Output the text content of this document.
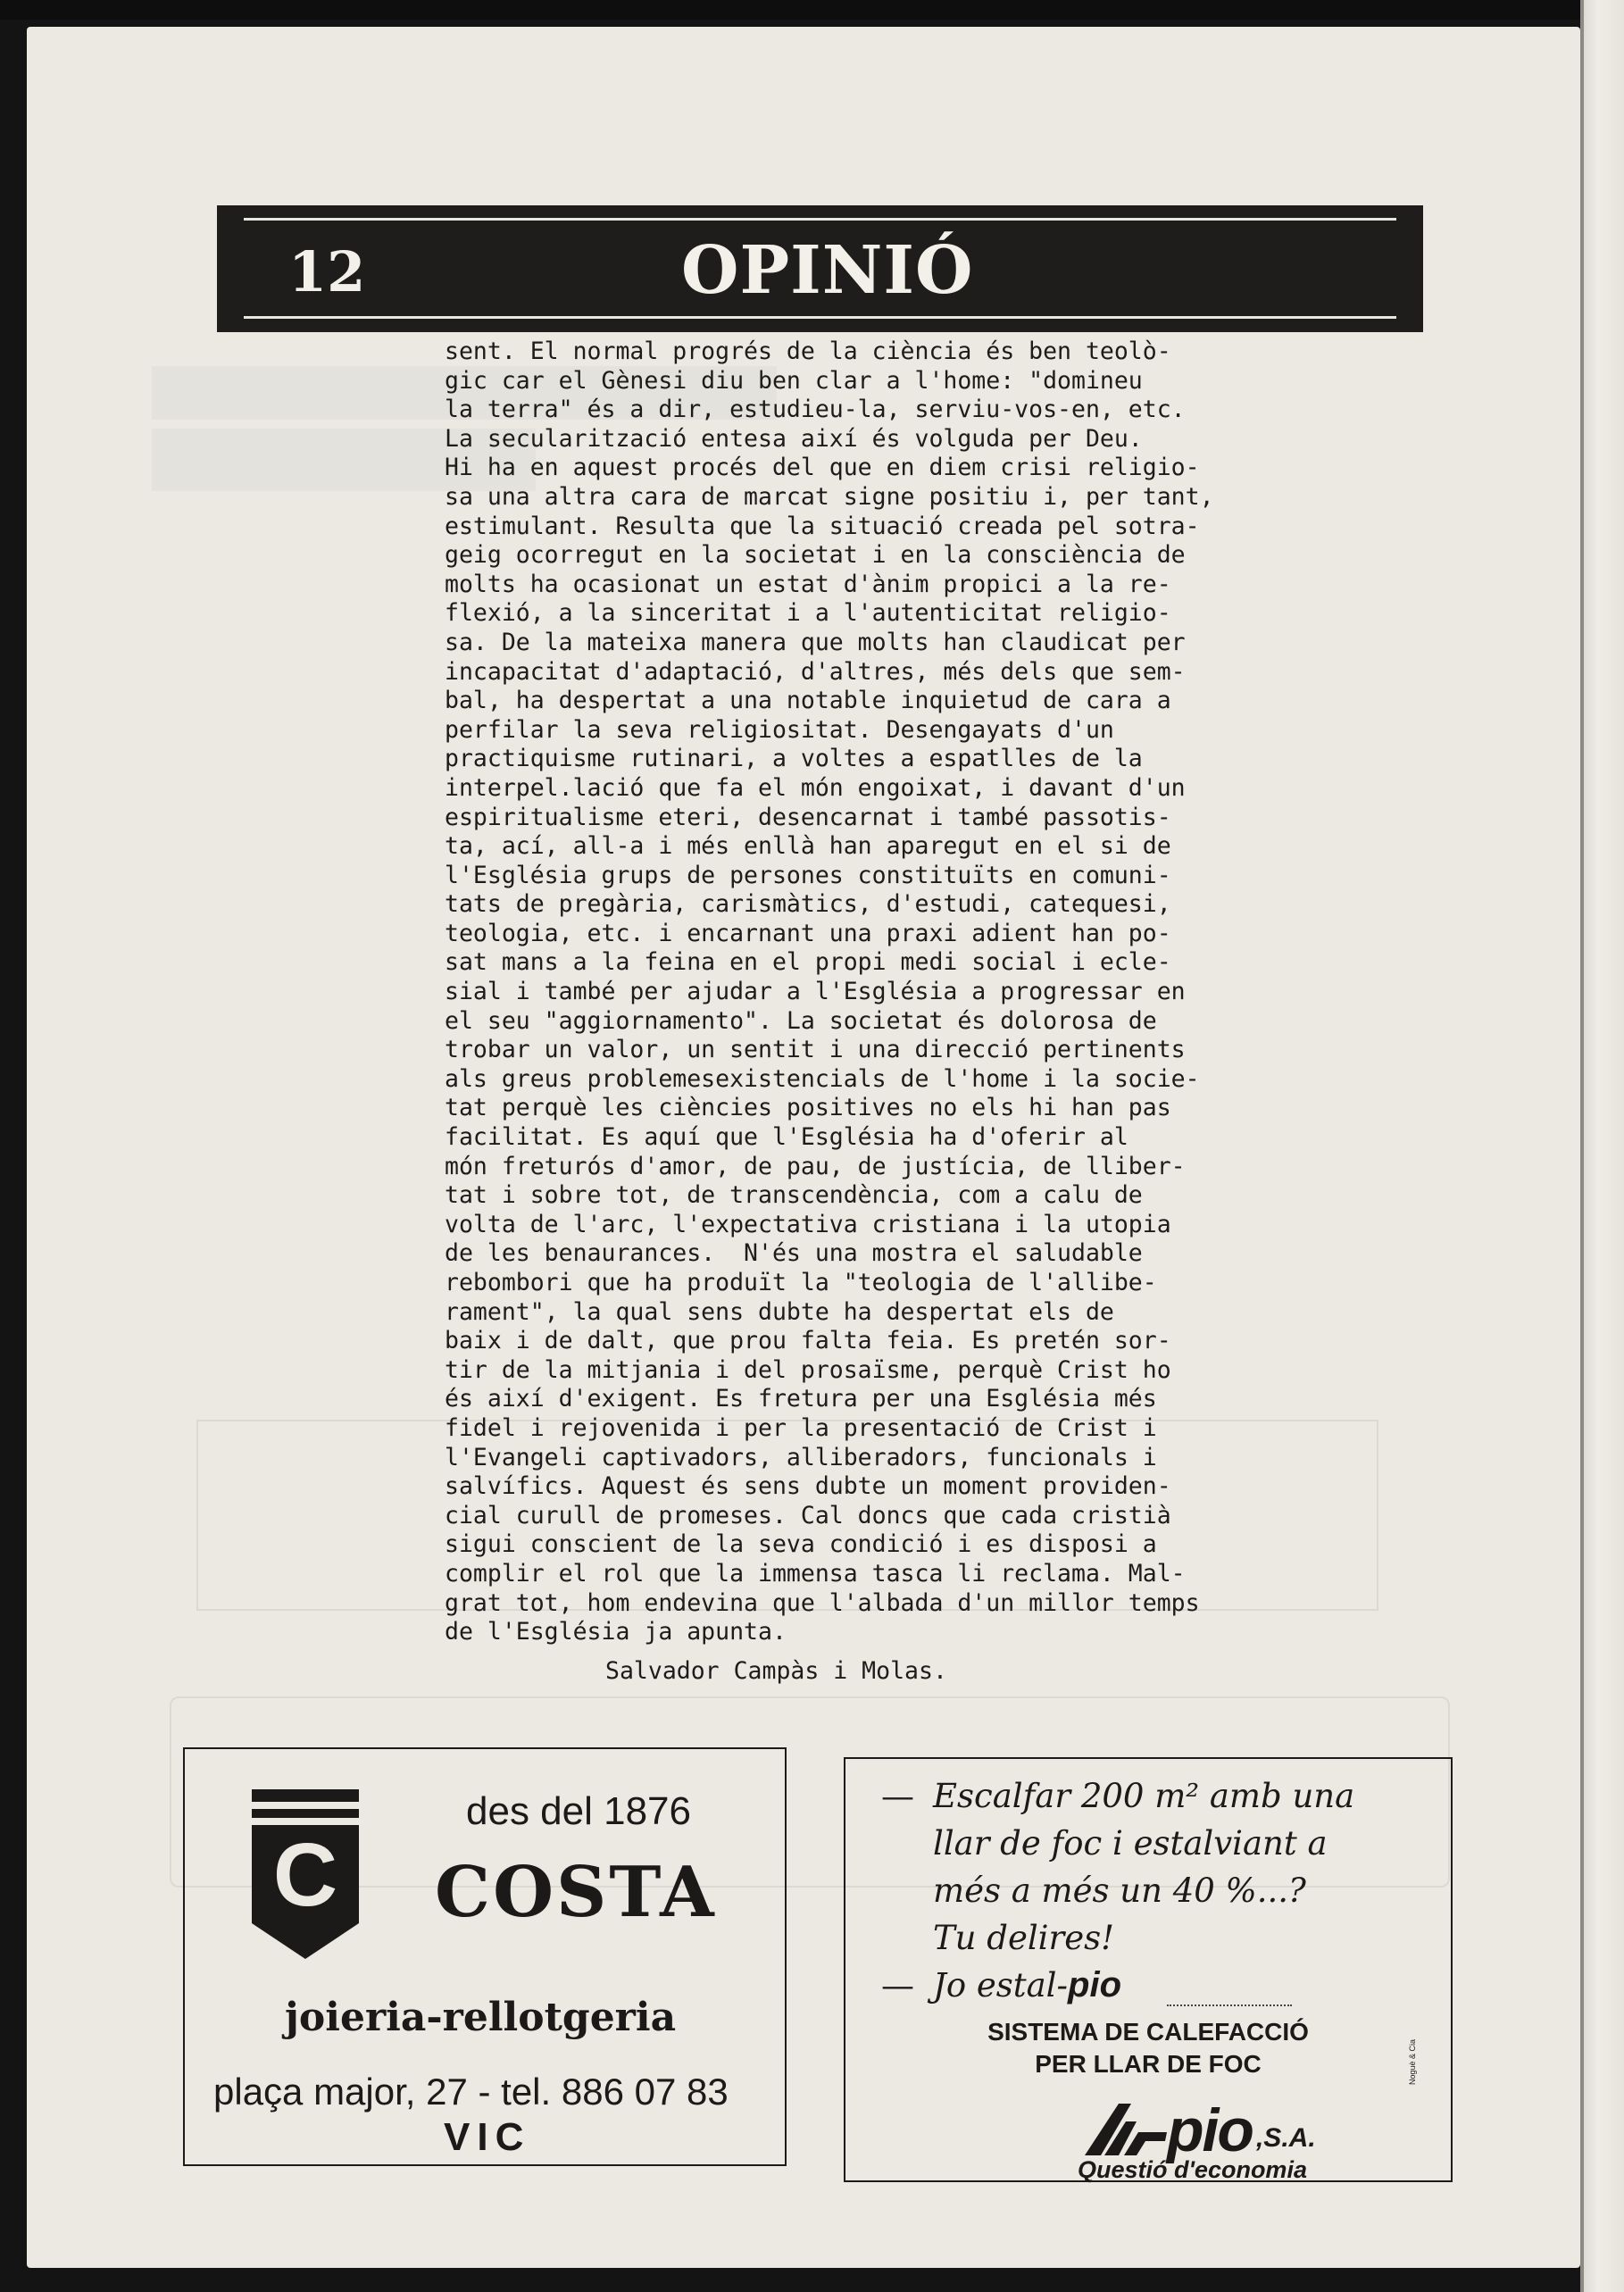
12	OPINIÓ
sent. El normal progrés de la ciència és ben teolò-
gic car el Gènesi diu ben clar a l'home: "domineu
la terra" és a dir, estudieu-la, serviu-vos-en, etc.
La secularització entesa així és volguda per Deu.
Hi ha en aquest procés del que en diem crisi religio-
sa una altra cara de marcat signe positiu i, per tant,
estimulant. Resulta que la situació creada pel sotra-
geig ocorregut en la societat i en la consciència de
molts ha ocasionat un estat d'ànim propici a la re-
flexió, a la sinceritat i a l'autenticitat religio-
sa. De la mateixa manera que molts han claudicat per
incapacitat d'adaptació, d'altres, més dels que sem-
bal, ha despertat a una notable inquietud de cara a
perfilar la seva religiositat. Desengayats d'un
practiquisme rutinari, a voltes a espatlles de la
interpel.lació que fa el món engoixat, i davant d'un
espiritualisme eteri, desencarnat i també passotis-
ta, ací, all-a i més enllà han aparegut en el si de
l'Església grups de persones constituïts en comuni-
tats de pregària, carismàtics, d'estudi, catequesi,
teologia, etc. i encarnant una praxi adient han po-
sat mans a la feina en el propi medi social i ecle-
sial i també per ajudar a l'Església a progressar en
el seu "aggiornamento". La societat és dolorosa de
trobar un valor, un sentit i una direcció pertinents
als greus problemesexistencials de l'home i la socie-
tat perquè les ciències positives no els hi han pas
facilitat. Es aquí que l'Església ha d'oferir al
món freturós d'amor, de pau, de justícia, de lliber-
tat i sobre tot, de transcendència, com a calu de
volta de l'arc, l'expectativa cristiana i la utopia
de les benaurances.  N'és una mostra el saludable
rebombori que ha produït la "teologia de l'allibe-
rament", la qual sens dubte ha despertat els de
baix i de dalt, que prou falta feia. Es pretén sor-
tir de la mitjania i del prosaïsme, perquè Crist ho
és així d'exigent. Es fretura per una Església més
fidel i rejovenida i per la presentació de Crist i
l'Evangeli captivadors, alliberadors, funcionals i
salvífics. Aquest és sens dubte un moment providen-
cial curull de promeses. Cal doncs que cada cristià
sigui conscient de la seva condició i es disposi a
complir el rol que la immensa tasca li reclama. Mal-
grat tot, hom endevina que l'albada d'un millor temps
de l'Església ja apunta.
Salvador Campàs i Molas.
C
des del 1876
COSTA
joieria-rellotgeria
plaça major, 27 - tel. 886 07 83
VIC
— Escalfar 200 m² amb una
llar de foc i estalviant a
més a més un 40 %...?
Tu delires!
— Jo estal-pio
SISTEMA DE CALEFACCIÓ
PER LLAR DE FOC
pio ,S.A.
Questió d'economia
Noguè & Cia
